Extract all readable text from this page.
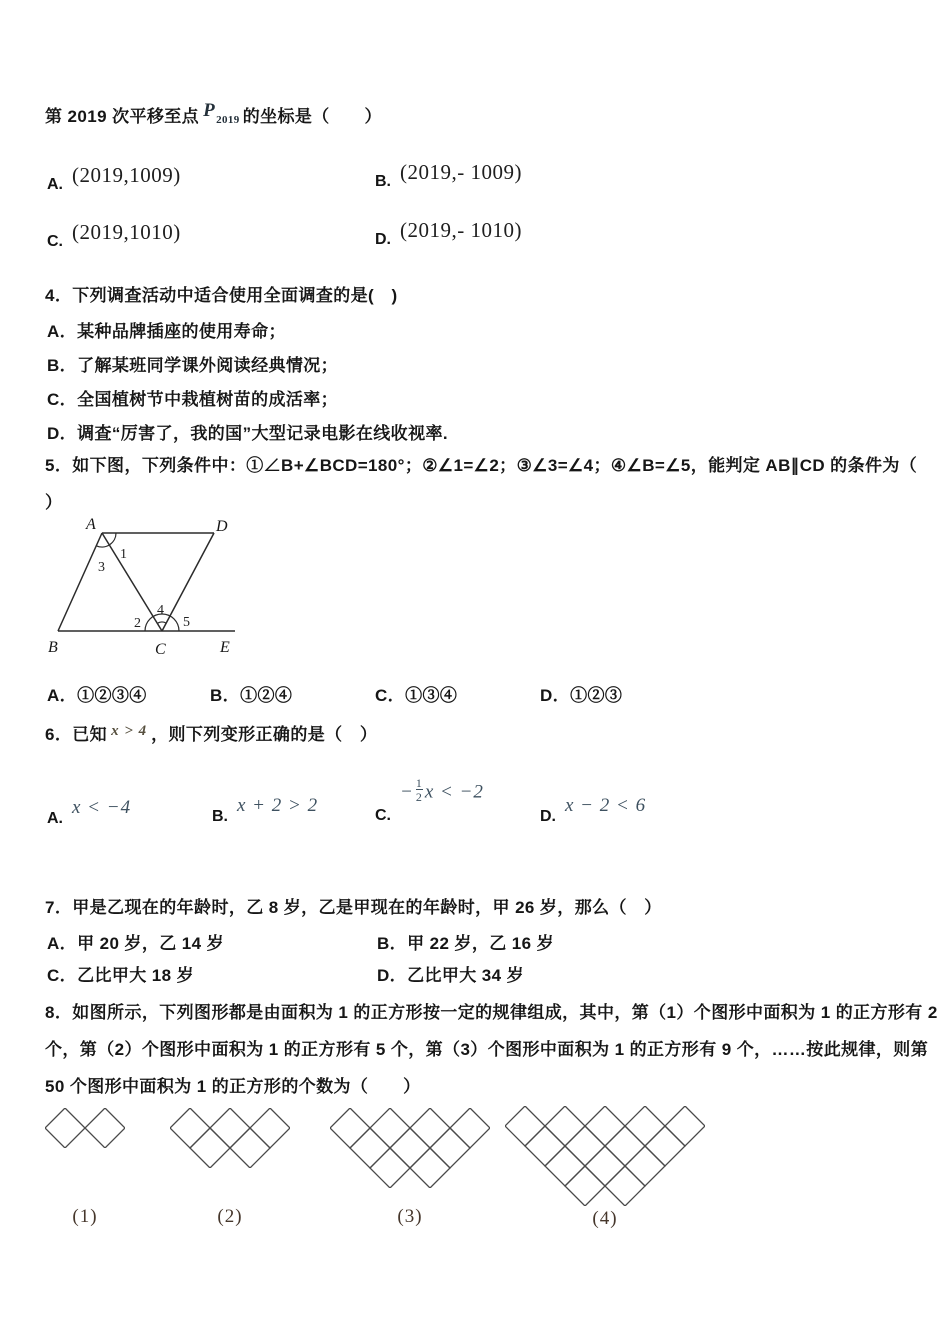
第 2019 次平移至点 $P_{2019}$ 的坐标是（　　）
A. (2019,1009)	B. (2019,- 1009)
C. (2019,1010)	D. (2019,- 1010)
4．下列调查活动中适合使用全面调查的是(　)
A．某种品牌插座的使用寿命；
B．了解某班同学课外阅读经典情况；
C．全国植树节中栽植树苗的成活率；
D．调查“厉害了，我的国”大型记录电影在线收视率.
5．如下图，下列条件中：①∠B+∠BCD=180°；②∠1=∠2；③∠3=∠4；④∠B=∠5，能判定 AB∥CD 的条件为（
）
A	D
B	C	E
1
3
2
4
5
A．①②③④	B．①②④	C．①③④	D．①②③
6．已知 x > 4 ，则下列变形正确的是（　）
A.
x < −4	B.
x + 2 > 2	C.
− $\frac{1}{2}$ x < −2
D.
x − 2 < 6
7．甲是乙现在的年龄时，乙 8 岁，乙是甲现在的年龄时，甲 26 岁，那么（　）
A．甲 20 岁，乙 14 岁	B．甲 22 岁，乙 16 岁
C．乙比甲大 18 岁	D．乙比甲大 34 岁
8．如图所示，下列图形都是由面积为 1 的正方形按一定的规律组成，其中，第（1）个图形中面积为 1 的正方形有 2
个，第（2）个图形中面积为 1 的正方形有 5 个，第（3）个图形中面积为 1 的正方形有 9 个，……按此规律，则第
50 个图形中面积为 1 的正方形的个数为（　　）
(1)	(2)	(3)	(4)
